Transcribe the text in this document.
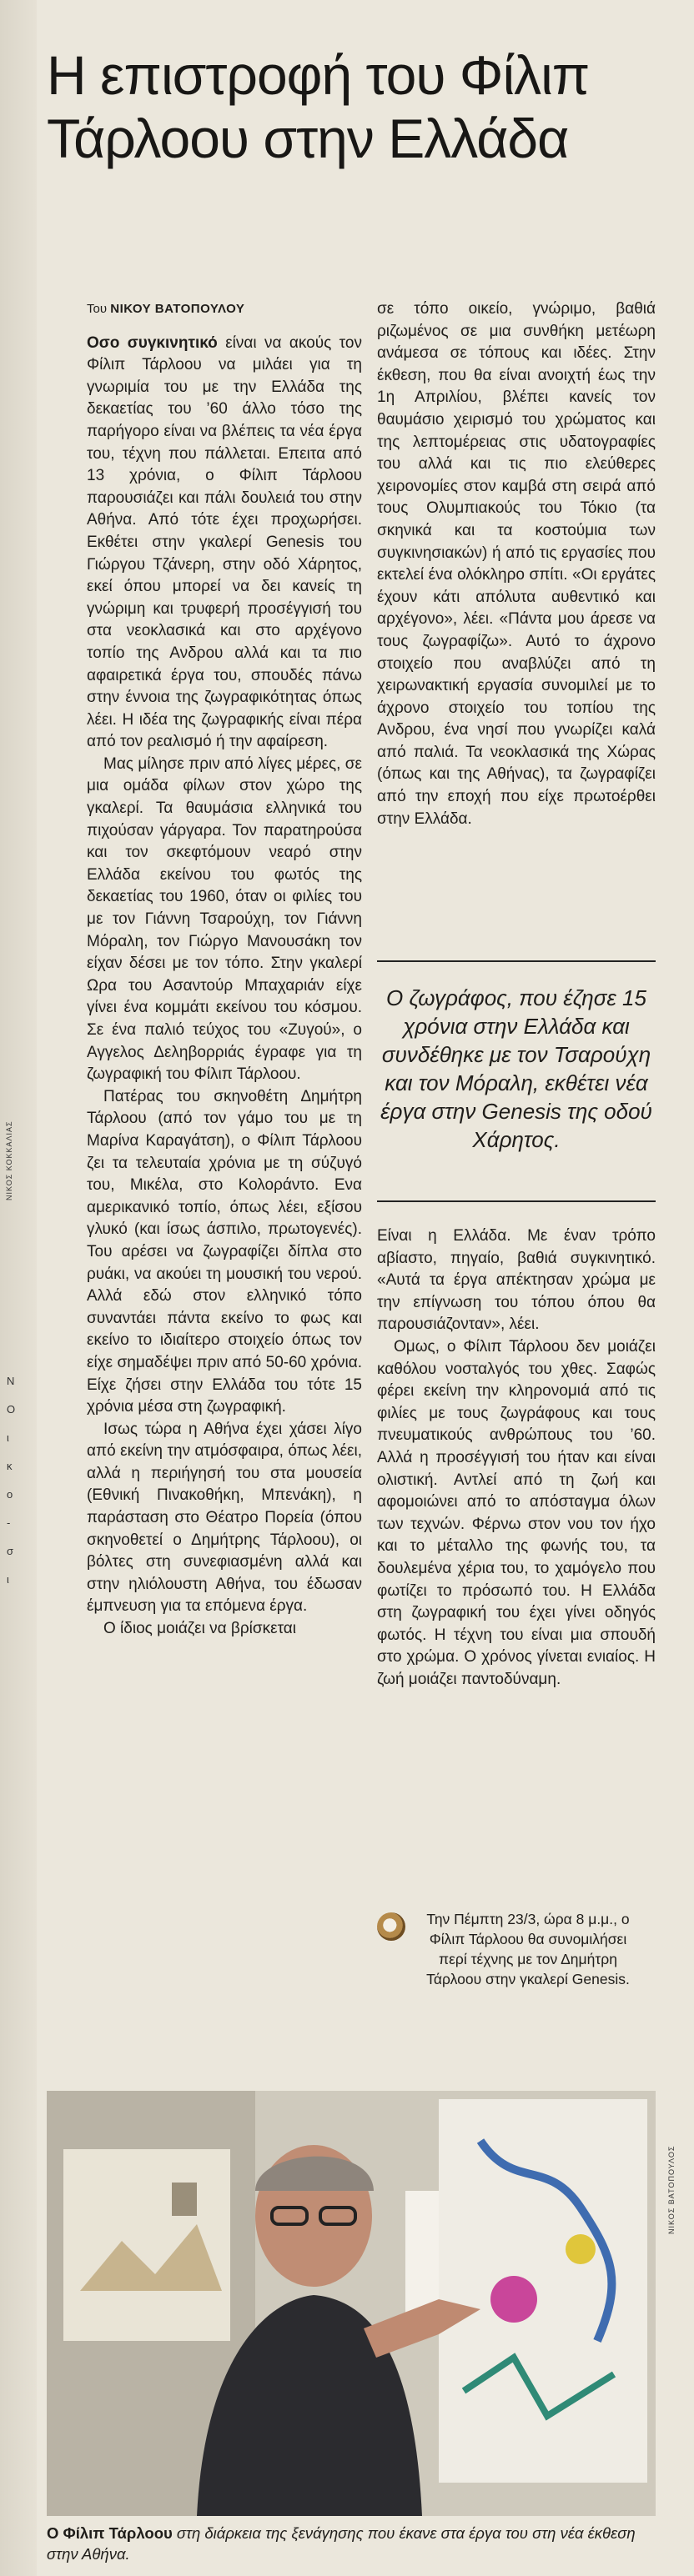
ΝΙΚΟΣ ΚΟΚΚΑΛΙΑΣ
Ν
Ο
ι
κ
ο
-
σ
ι
Η επιστροφή του Φίλιπ Τάρλοου στην Ελλάδα
Του ΝΙΚΟΥ ΒΑΤΟΠΟΥΛΟΥ

Οσο συγκινητικό είναι να ακούς τον Φίλιπ Τάρλοου να μιλάει για τη γνωριμία του με την Ελλάδα της δεκαετίας του ’60 άλλο τόσο της παρήγορο είναι να βλέπεις τα νέα έργα του, τέχνη που πάλλεται. Επειτα από 13 χρόνια, ο Φίλιπ Τάρλοου παρουσιάζει και πάλι δουλειά του στην Αθήνα. Από τότε έχει προχωρήσει. Εκθέτει στην γκαλερί Genesis του Γιώργου Τζάνερη, στην οδό Χάρητος, εκεί όπου μπορεί να δει κανείς τη γνώριμη και τρυφερή προσέγγισή του στα νεοκλασικά και στο αρχέγονο τοπίο της Ανδρου αλλά και τα πιο αφαιρετικά έργα του, σπουδές πάνω στην έννοια της ζωγραφικότητας όπως λέει. Η ιδέα της ζωγραφικής είναι πέρα από τον ρεαλισμό ή την αφαίρεση.

Μας μίλησε πριν από λίγες μέρες, σε μια ομάδα φίλων στον χώρο της γκαλερί. Τα θαυμάσια ελληνικά του πιχούσαν γάργαρα. Τον παρατηρούσα και τον σκεφτόμουν νεαρό στην Ελλάδα εκείνου του φωτός της δεκαετίας του 1960, όταν οι φιλίες του με τον Γιάννη Τσαρούχη, τον Γιάννη Μόραλη, τον Γιώργο Μανουσάκη τον είχαν δέσει με τον τόπο. Στην γκαλερί Ωρα του Ασαντούρ Μπαχαριάν είχε γίνει ένα κομμάτι εκείνου του κόσμου. Σε ένα παλιό τεύχος του «Ζυγού», ο Αγγελος Δεληβορριάς έγραφε για τη ζωγραφική του Φίλιπ Τάρλοου.

Πατέρας του σκηνοθέτη Δημήτρη Τάρλοου (από τον γάμο του με τη Μαρίνα Καραγάτση), ο Φίλιπ Τάρλοου ζει τα τελευταία χρόνια με τη σύζυγό του, Μικέλα, στο Κολοράντο. Ενα αμερικανικό τοπίο, όπως λέει, εξίσου γλυκό (και ίσως άσπιλο, πρωτογενές). Του αρέσει να ζωγραφίζει δίπλα στο ρυάκι, να ακούει τη μουσική του νερού. Αλλά εδώ στον ελληνικό τόπο συναντάει πάντα εκείνο το φως και εκείνο το ιδιαίτερο στοιχείο όπως τον είχε σημαδέψει πριν από 50-60 χρόνια. Είχε ζήσει στην Ελλάδα του τότε 15 χρόνια μέσα στη ζωγραφική.

Ισως τώρα η Αθήνα έχει χάσει λίγο από εκείνη την ατμόσφαιρα, όπως λέει, αλλά η περιήγησή του στα μουσεία (Εθνική Πινακοθήκη, Μπενάκη), η παράσταση στο Θέατρο Πορεία (όπου σκηνοθετεί ο Δημήτρης Τάρλοου), οι βόλτες στη συνεφιασμένη αλλά και στην ηλιόλουστη Αθήνα, του έδωσαν έμπνευση για τα επόμενα έργα.

Ο ίδιος μοιάζει να βρίσκεται

σε τόπο οικείο, γνώριμο, βαθιά ριζωμένος σε μια συνθήκη μετέωρη ανάμεσα σε τόπους και ιδέες. Στην έκθεση, που θα είναι ανοιχτή έως την 1η Απριλίου, βλέπει κανείς τον θαυμάσιο χειρισμό του χρώματος και της λεπτομέρειας στις υδατογραφίες του αλλά και τις πιο ελεύθερες χειρονομίες στον καμβά στη σειρά από τους Ολυμπιακούς του Τόκιο (τα σκηνικά και τα κοστούμια των συγκινησιακών) ή από τις εργασίες που εκτελεί ένα ολόκληρο σπίτι. «Οι εργάτες έχουν κάτι απόλυτα αυθεντικό και αρχέγονο», λέει. «Πάντα μου άρεσε να τους ζωγραφίζω». Αυτό το άχρονο στοιχείο που αναβλύζει από τη χειρωνακτική εργασία συνομιλεί με το άχρονο στοιχείο του τοπίου της Ανδρου, ένα νησί που γνωρίζει καλά από παλιά. Τα νεοκλασικά της Χώρας (όπως και της Αθήνας), τα ζωγραφίζει από την εποχή που είχε πρωτοέρθει στην Ελλάδα.

Ο ζωγράφος, που έζησε 15 χρόνια στην Ελλάδα και συνδέθηκε με τον Τσαρούχη και τον Μόραλη, εκθέτει νέα έργα στην Genesis της οδού Χάρητος.

Είναι η Ελλάδα. Με έναν τρόπο αβίαστο, πηγαίο, βαθιά συγκινητικό. «Αυτά τα έργα απέκτησαν χρώμα με την επίγνωση του τόπου όπου θα παρουσιάζονταν», λέει.

Ομως, ο Φίλιπ Τάρλοου δεν μοιάζει καθόλου νοσταλγός του χθες. Σαφώς φέρει εκείνη την κληρονομιά από τις φιλίες με τους ζωγράφους και τους πνευματικούς ανθρώπους του ’60. Αλλά η προσέγγισή του ήταν και είναι ολιστική. Αντλεί από τη ζωή και αφομοιώνει από το απόσταγμα όλων των τεχνών. Φέρνω στον νου τον ήχο και το μέταλλο της φωνής του, τα δουλεμένα χέρια του, το χαμόγελο που φωτίζει το πρόσωπό του. Η Ελλάδα στη ζωγραφική του έχει γίνει οδηγός φωτός. Η τέχνη του είναι μια σπουδή στο χρώμα. Ο χρόνος γίνεται ενιαίος. Η ζωή μοιάζει παντοδύναμη.

Την Πέμπτη 23/3, ώρα 8 μ.μ., ο Φίλιπ Τάρλοου θα συνομιλήσει περί τέχνης με τον Δημήτρη Τάρλοου στην γκαλερί Genesis.
ΝΙΚΟΣ ΒΑΤΟΠΟΥΛΟΣ

Ο Φίλιπ Τάρλοου στη διάρκεια της ξενάγησης που έκανε στα έργα του στη νέα έκθεση στην Αθήνα.
